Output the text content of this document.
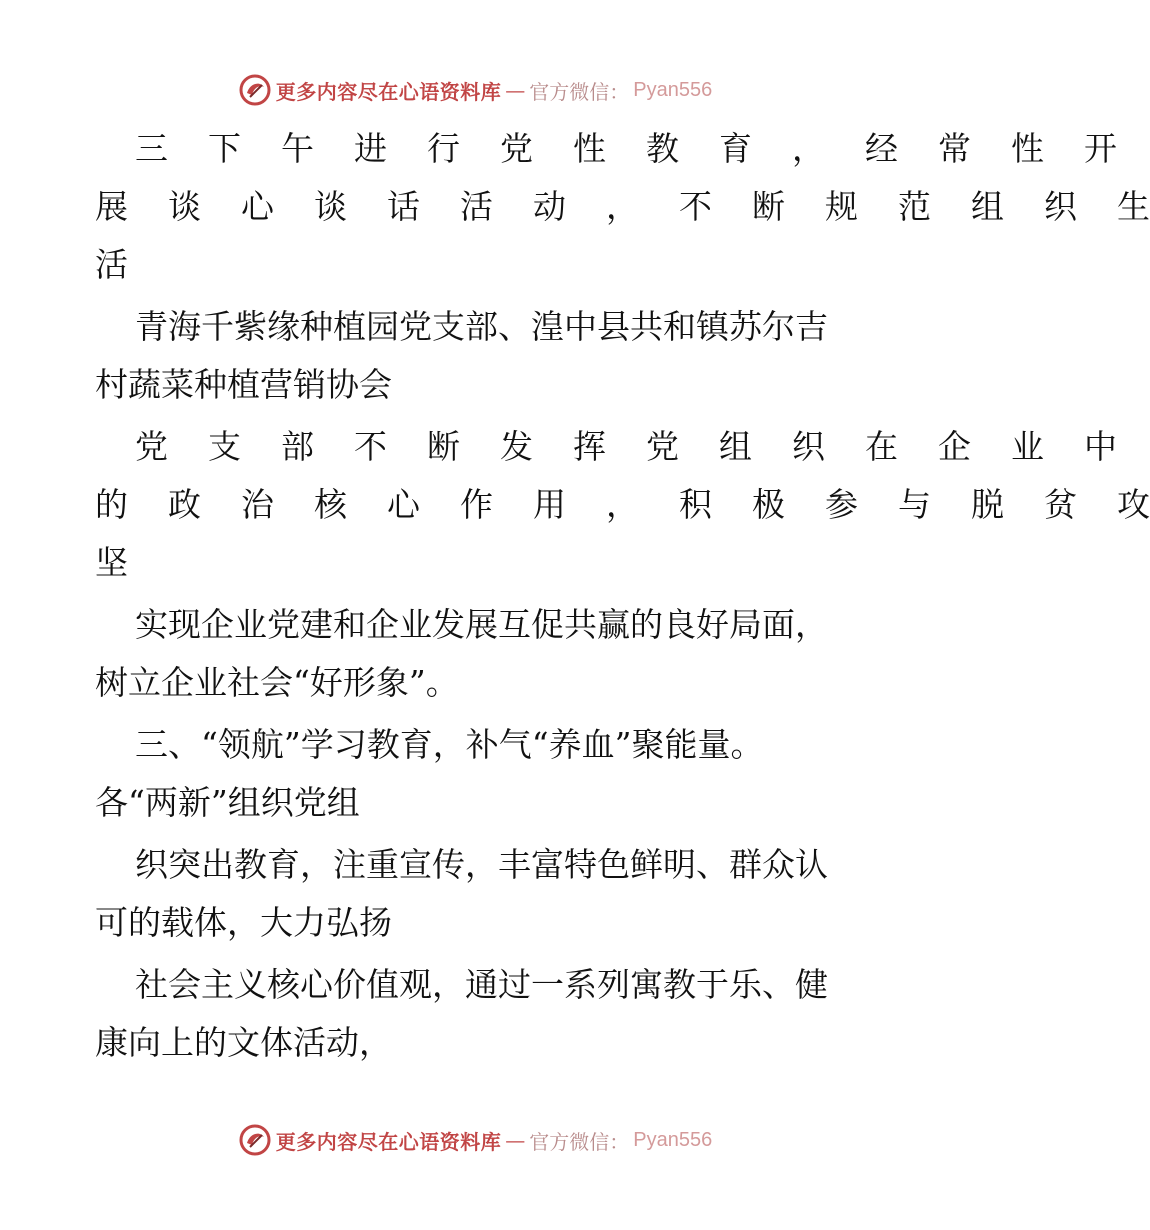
更多内容尽在心语资料库 — 官方微信： Pyan556

三	下	午	进	行	党	性	教	育	，	经	常	性	开
展	谈	心	谈	话	活	动	，	不	断	规	范	组	织	生
活

青海千紫缘种植园党支部、湟中县共和镇苏尔吉
村蔬菜种植营销协会

党	支	部	不	断	发	挥	党	组	织	在	企	业	中
的	政	治	核	心	作	用	，	积	极	参	与	脱	贫	攻
坚

实现企业党建和企业发展互促共赢的良好局面，
树立企业社会“好形象”。

三、“领航”学习教育，补气“养血”聚能量。
各“两新”组织党组

织突出教育，注重宣传，丰富特色鲜明、群众认
可的载体，大力弘扬

社会主义核心价值观，通过一系列寓教于乐、健
康向上的文体活动，

更多内容尽在心语资料库 — 官方微信： Pyan556
